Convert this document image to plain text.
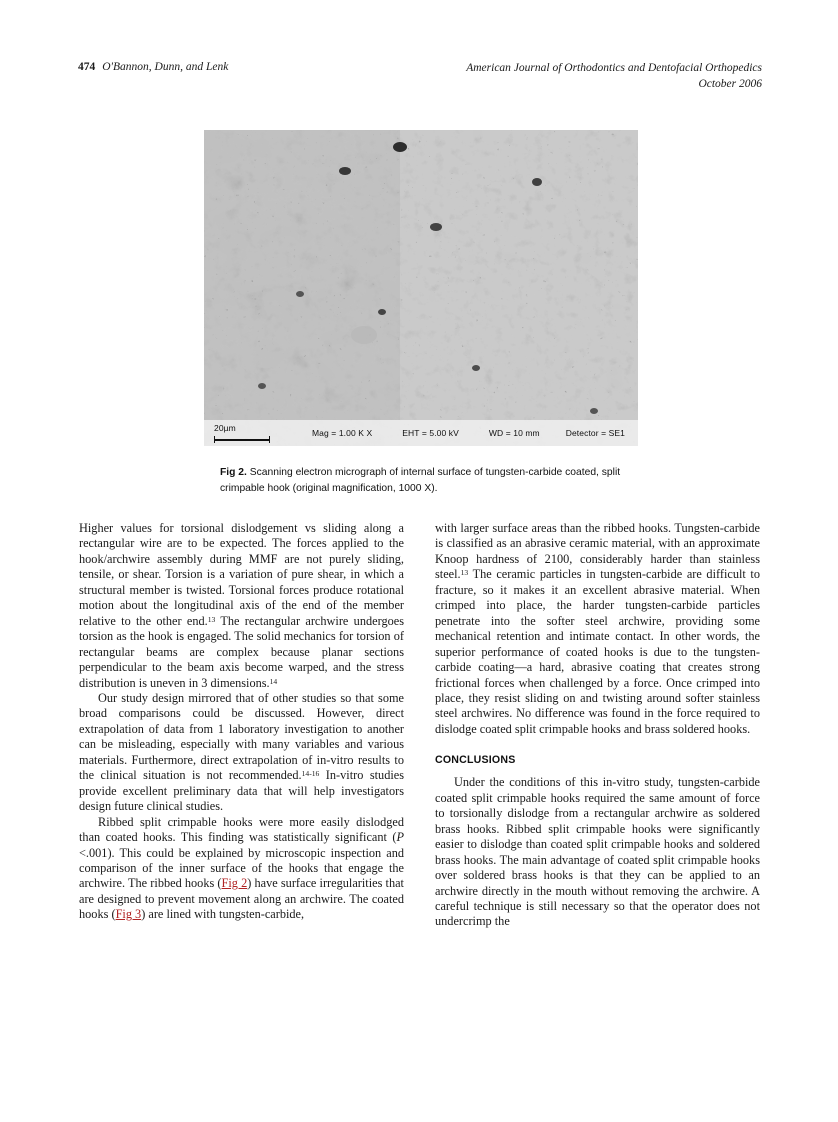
474 O'Bannon, Dunn, and Lenk	American Journal of Orthodontics and Dentofacial Orthopedics
October 2006
20µm	Mag = 1.00 K X	EHT = 5.00 kV	WD = 10 mm	Detector = SE1
Fig 2. Scanning electron micrograph of internal surface of tungsten-carbide coated, split crimpable hook (original magnification, 1000 X).

Higher values for torsional dislodgement vs sliding along a rectangular wire are to be expected. The forces applied to the hook/archwire assembly during MMF are not purely sliding, tensile, or shear. Torsion is a variation of pure shear, in which a structural member is twisted. Torsional forces produce rotational motion about the longitudinal axis of the end of the member relative to the other end.$^{13}$ The rectangular archwire undergoes torsion as the hook is engaged. The solid mechanics for torsion of rectangular beams are complex because planar sections perpendicular to the beam axis become warped, and the stress distribution is uneven in 3 dimensions.$^{14}$

Our study design mirrored that of other studies so that some broad comparisons could be discussed. However, direct extrapolation of data from 1 laboratory investigation to another can be misleading, especially with many variables and various materials. Furthermore, direct extrapolation of in-vitro results to the clinical situation is not recommended.$^{14-16}$ In-vitro studies provide excellent preliminary data that will help investigators design future clinical studies.

Ribbed split crimpable hooks were more easily dislodged than coated hooks. This finding was statistically significant (P <.001). This could be explained by microscopic inspection and comparison of the inner surface of the hooks that engage the archwire. The ribbed hooks (Fig 2) have surface irregularities that are designed to prevent movement along an archwire. The coated hooks (Fig 3) are lined with tungsten-carbide,

with larger surface areas than the ribbed hooks. Tungsten-carbide is classified as an abrasive ceramic material, with an approximate Knoop hardness of 2100, considerably harder than stainless steel.$^{13}$ The ceramic particles in tungsten-carbide are difficult to fracture, so it makes it an excellent abrasive material. When crimped into place, the harder tungsten-carbide particles penetrate into the softer steel archwire, providing some mechanical retention and intimate contact. In other words, the superior performance of coated hooks is due to the tungsten-carbide coating—a hard, abrasive coating that creates strong frictional forces when challenged by a force. Once crimped into place, they resist sliding on and twisting around softer stainless steel archwires. No difference was found in the force required to dislodge coated split crimpable hooks and brass soldered hooks.

CONCLUSIONS

Under the conditions of this in-vitro study, tungsten-carbide coated split crimpable hooks required the same amount of force to torsionally dislodge from a rectangular archwire as soldered brass hooks. Ribbed split crimpable hooks were significantly easier to dislodge than coated split crimpable hooks and soldered brass hooks. The main advantage of coated split crimpable hooks over soldered brass hooks is that they can be applied to an archwire directly in the mouth without removing the archwire. A careful technique is still necessary so that the operator does not undercrimp the
